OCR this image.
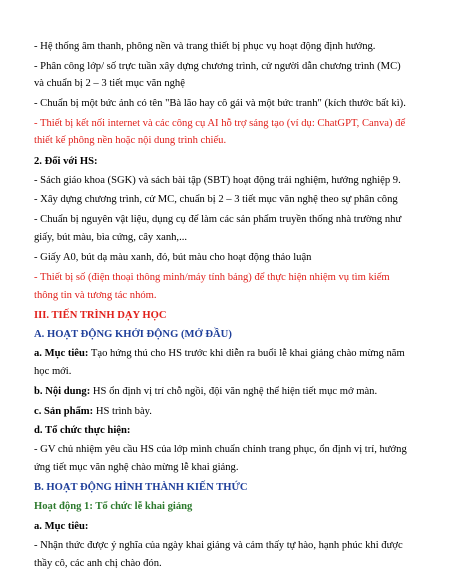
- Hệ thống âm thanh, phông nền và trang thiết bị phục vụ hoạt động định hướng.
- Phân công lớp/ số trực tuần xây dựng chương trình, cử người dẫn chương trình (MC)
và chuẩn bị 2 – 3 tiết mục văn nghệ
- Chuẩn bị một bức ảnh có tên "Bà lão hay cô gái và một bức tranh" (kích thước bất kì).
- Thiết bị kết nối internet và các công cụ AI hỗ trợ sáng tạo (ví dụ: ChatGPT, Canva) để
thiết kế phông nền hoặc nội dung trình chiếu.
2. Đối với HS:
- Sách giáo khoa (SGK) và sách bài tập (SBT) hoạt động trải nghiệm, hướng nghiệp 9.
- Xây dựng chương trình, cử MC, chuẩn bị 2 – 3 tiết mục văn nghệ theo sự phân công
- Chuẩn bị nguyên vật liệu, dụng cụ để làm các sản phẩm truyền thống nhà trường như
giấy, bút màu, bìa cứng, cây xanh,...
- Giấy A0, bút dạ màu xanh, đỏ, bút màu cho hoạt động thảo luận
- Thiết bị số (điện thoại thông minh/máy tính bảng) để thực hiện nhiệm vụ tìm kiếm
thông tin và tương tác nhóm.
III. TIẾN TRÌNH DẠY HỌC
A. HOẠT ĐỘNG KHỞI ĐỘNG (MỞ ĐẦU)
a. Mục tiêu: Tạo hứng thú cho HS trước khi diễn ra buổi lễ khai giảng chào mừng năm
học mới.
b. Nội dung: HS ổn định vị trí chỗ ngồi, đội văn nghệ thể hiện tiết mục mở màn.
c. Sản phẩm: HS trình bày.
d. Tổ chức thực hiện:
- GV chủ nhiệm yêu cầu HS của lớp mình chuẩn chỉnh trang phục, ổn định vị trí, hướng
ứng tiết mục văn nghệ chào mừng lễ khai giảng.
B. HOẠT ĐỘNG HÌNH THÀNH KIẾN THỨC
Hoạt động 1: Tổ chức lễ khai giảng
a. Mục tiêu:
- Nhận thức được ý nghĩa của ngày khai giảng và cảm thấy tự hào, hạnh phúc khi được
thầy cô, các anh chị chào đón.
